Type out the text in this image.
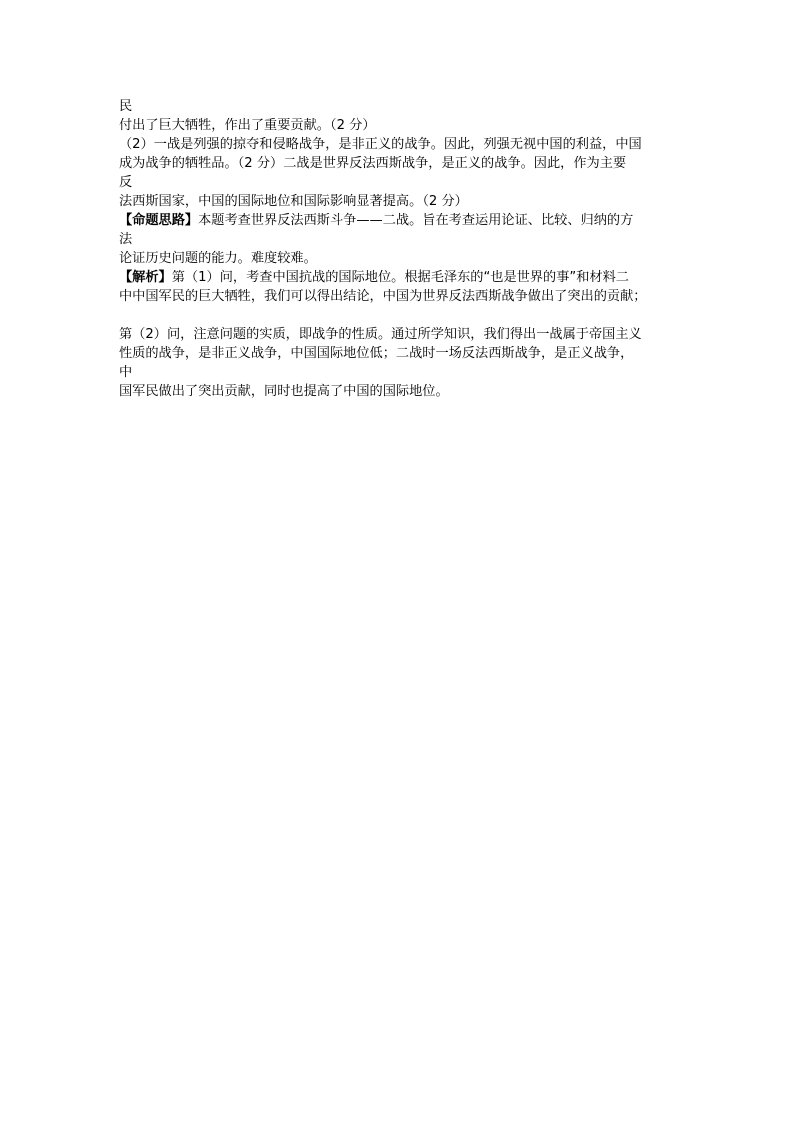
民
付出了巨大牺牲，作出了重要贡献。（2 分）
（2）一战是列强的掠夺和侵略战争，是非正义的战争。因此，列强无视中国的利益，中国
成为战争的牺牲品。（2 分）二战是世界反法西斯战争，是正义的战争。因此，作为主要
反
法西斯国家，中国的国际地位和国际影响显著提高。（2 分）
【命题思路】本题考查世界反法西斯斗争——二战。旨在考查运用论证、比较、归纳的方
法
论证历史问题的能力。难度较难。
【解析】第（1）问，考查中国抗战的国际地位。根据毛泽东的“也是世界的事”和材料二
中中国军民的巨大牺牲，我们可以得出结论，中国为世界反法西斯战争做出了突出的贡献；
第（2）问，注意问题的实质，即战争的性质。通过所学知识，我们得出一战属于帝国主义
性质的战争，是非正义战争，中国国际地位低；二战时一场反法西斯战争，是正义战争，
中
国军民做出了突出贡献，同时也提高了中国的国际地位。
